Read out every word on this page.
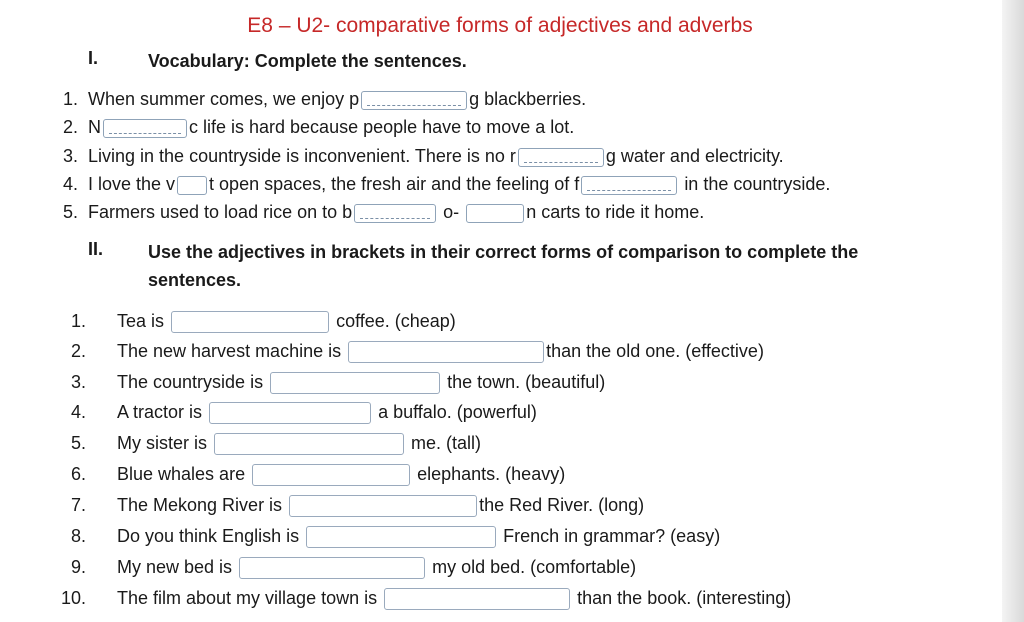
E8 – U2- comparative forms of adjectives and adverbs
I.	Vocabulary: Complete the sentences.
1. When summer comes, we enjoy p	g blackberries.
2. N	c life is hard because people have to move a lot.
3. Living in the countryside is inconvenient. There is no r	g water and electricity.
4. I love the v t open spaces, the fresh air and the feeling of f	in the countryside.
5. Farmers used to load rice on to b	o-	n carts to ride it home.
II. Use the adjectives in brackets in their correct forms of comparison to complete the
sentences.
1. Tea is	coffee. (cheap)
2. The new harvest machine is	than the old one. (effective)
3. The countryside is	the town. (beautiful)
4. A tractor is	a buffalo. (powerful)
5. My sister is	me. (tall)
6. Blue whales are	elephants. (heavy)
7. The Mekong River is	the Red River. (long)
8. Do you think English is	French in grammar? (easy)
9. My new bed is	my old bed. (comfortable)
10. The film about my village town is	than the book. (interesting)
